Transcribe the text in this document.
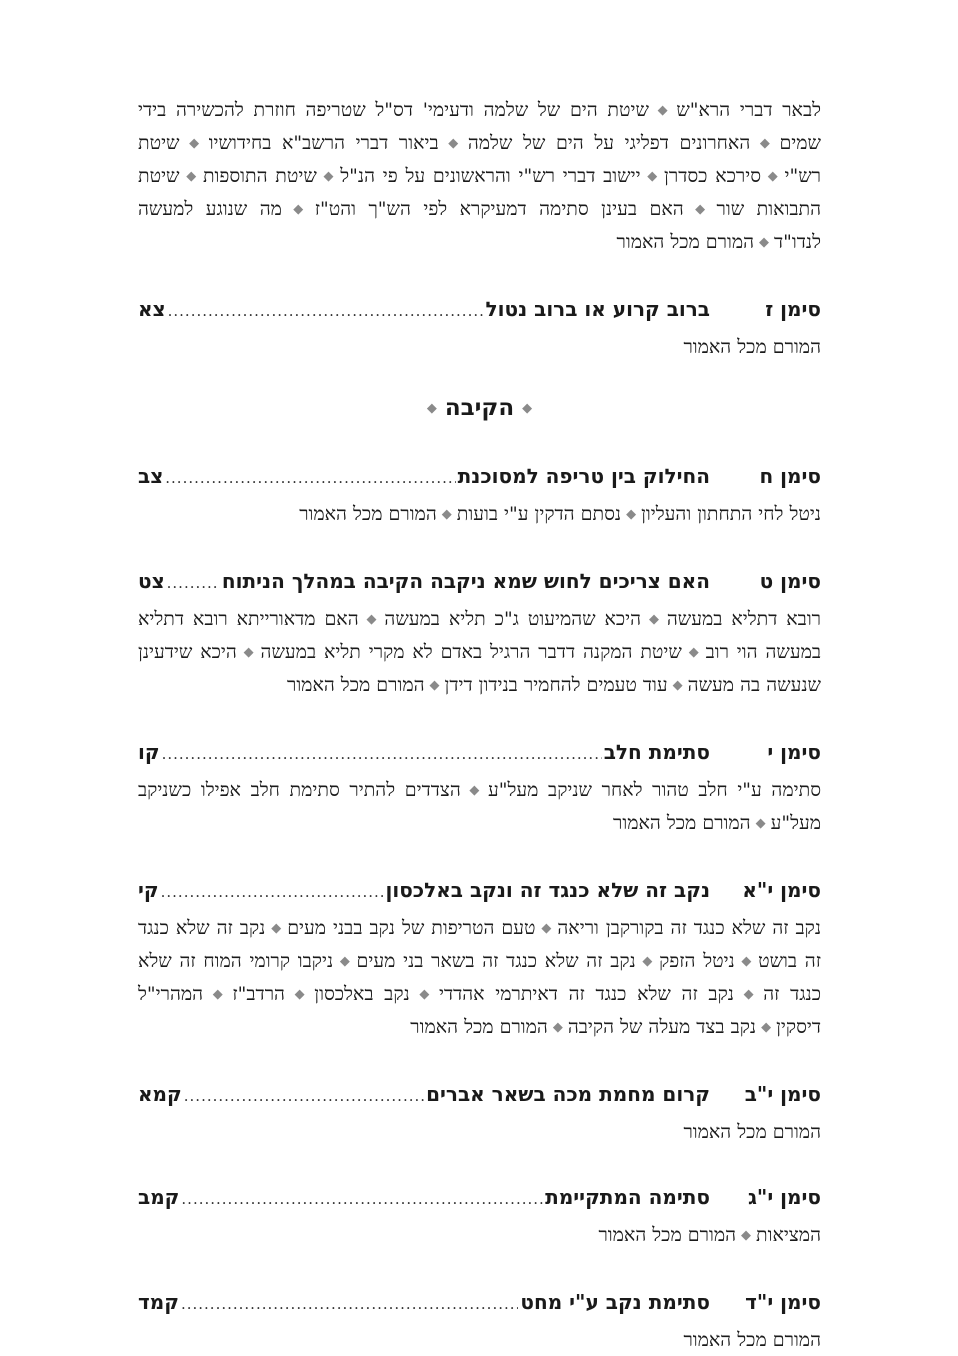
לבאר דברי הרא"ש◆שיטת הים של שלמה ודעימי' דס"ל שטריפה חוזרת להכשירה בידי שמים◆האחרונים דפליגי על הים של שלמה◆ביאור דברי הרשב"א בחידושיו◆שיטת רש"י◆סירכא כסדרן◆יישוב דברי רש"י והראשונים על פי הנ"ל◆שיטת התוספות◆שיטת התבואות שור◆האם בעינן סתימה דמעיקרא לפי הש"ך והט"ז◆מה שנוגע למעשה לנדו"ד◆המורם מכל האמור

סימן ז
ברוב קרוע או ברוב נטול
.....
צא

המורם מכל האמור

◆הקיבה◆
סימן ח
החילוק בין טריפה למסוכנת
.....
צב

ניטל לחי התחתון והעליון◆נסתם הדקין ע"י בועות◆המורם מכל האמור

סימן ט
האם צריכים לחוש שמא ניקבה הקיבה במהלך הניתוח
.....
צט

רובא דתליא במעשה◆היכא שהמיעוט ג"כ תליא במעשה◆האם מדאורייתא רובא דתליא במעשה הוי רוב◆שיטת המקנה דדבר הרגיל באדם לא מקרי תליא במעשה◆היכא שידעינן שנעשה בה מעשה◆עוד טעמים להחמיר בנידון דידן◆המורם מכל האמור

סימן י
סתימת חלב
.....
קו

סתימה ע"י חלב טהור לאחר שניקב מעל"ע◆הצדדים להתיר סתימת חלב אפילו כשניקב מעל"ע◆המורם מכל האמור

סימן י"א
נקב זה שלא כנגד זה ונקב באלכסון
.....
קי

נקב זה שלא כנגד זה בקורקבן וריאה◆טעם הטריפות של נקב בבני מעים◆נקב זה שלא כנגד זה בושט◆ניטל הזפק◆נקב זה שלא כנגד זה בשאר בני מעים◆ניקבו קרומי המוח זה שלא כנגד זה◆נקב זה שלא כנגד זה דאיתרמי אהדדי◆נקב באלכסון◆הרדב"ז◆המהרי"ל דיסקין◆נקב בצד מעלה של הקיבה◆המורם מכל האמור

סימן י"ב
קרום מחמת מכה בשאר אברים
.....
קמא

המורם מכל האמור

סימן י"ג
סתימה המתקיימת
.....
קמב

המציאות◆המורם מכל האמור

סימן י"ד
סתימת נקב ע"י מחט
.....
קמד

המורם מכל האמור
